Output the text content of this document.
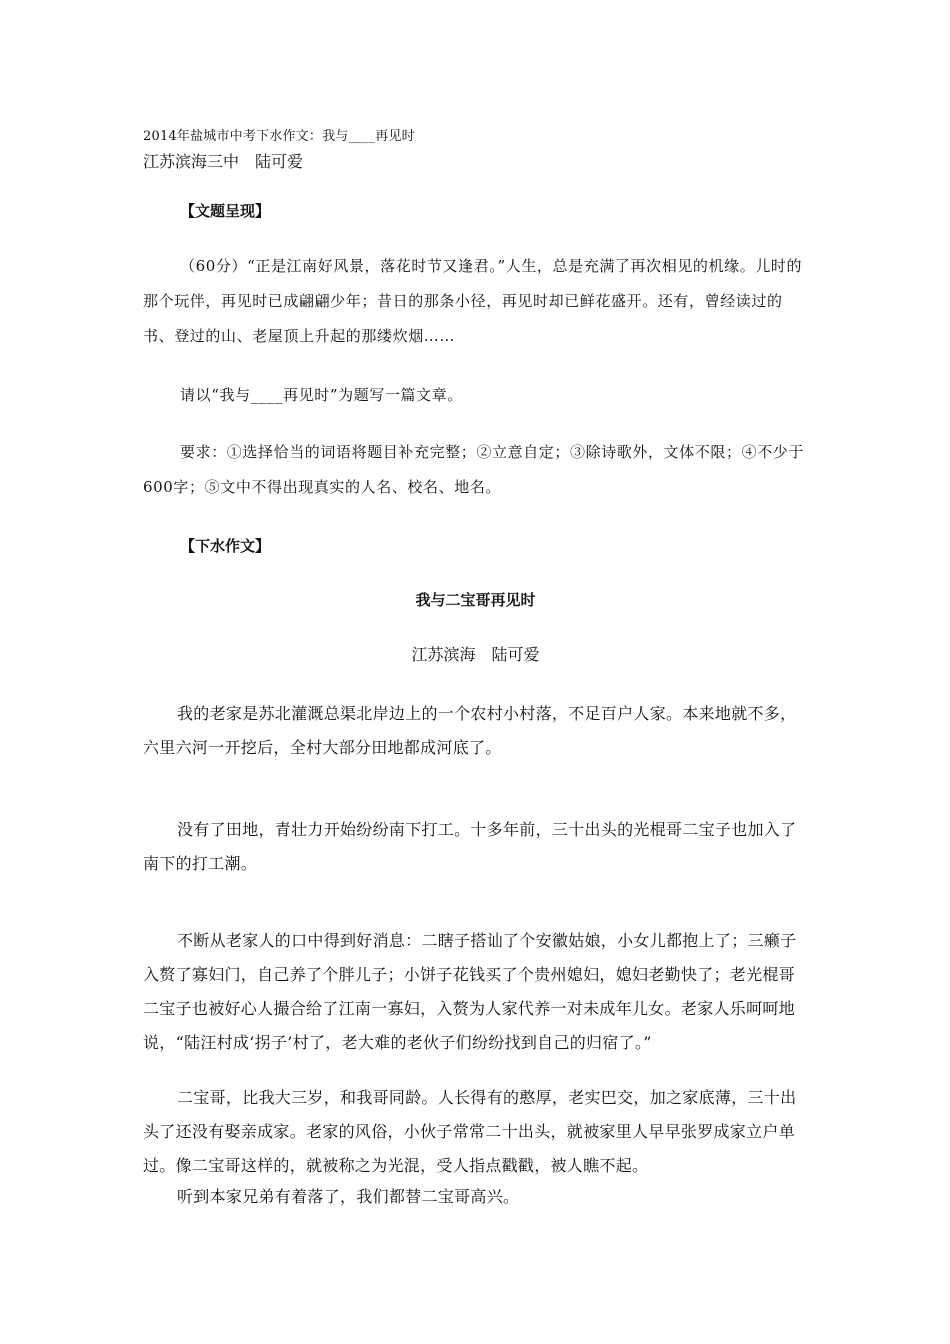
2014年盐城市中考下水作文：我与____再见时
江苏滨海三中　陆可爱
【文题呈现】

（60分）“正是江南好风景，落花时节又逢君。”人生，总是充满了再次相见的机缘。儿时的那个玩伴，再见时已成翩翩少年；昔日的那条小径，再见时却已鲜花盛开。还有，曾经读过的书、登过的山、老屋顶上升起的那缕炊烟……

请以“我与____再见时”为题写一篇文章。

要求：①选择恰当的词语将题目补充完整；②立意自定；③除诗歌外，文体不限；④不少于600字；⑤文中不得出现真实的人名、校名、地名。

【下水作文】
我与二宝哥再见时
江苏滨海　陆可爱

我的老家是苏北灌溉总渠北岸边上的一个农村小村落，不足百户人家。本来地就不多，六里六河一开挖后，全村大部分田地都成河底了。

没有了田地，青壮力开始纷纷南下打工。十多年前，三十出头的光棍哥二宝子也加入了南下的打工潮。

不断从老家人的口中得到好消息：二瞎子搭讪了个安徽姑娘，小女儿都抱上了；三癞子入赘了寡妇门，自己养了个胖儿子；小饼子花钱买了个贵州媳妇，媳妇老勤快了；老光棍哥二宝子也被好心人撮合给了江南一寡妇，入赘为人家代养一对未成年儿女。老家人乐呵呵地说，“陆汪村成‘拐子’村了，老大难的老伙子们纷纷找到自己的归宿了。”

二宝哥，比我大三岁，和我哥同龄。人长得有的憨厚，老实巴交，加之家底薄，三十出头了还没有娶亲成家。老家的风俗，小伙子常常二十出头，就被家里人早早张罗成家立户单过。像二宝哥这样的，就被称之为光混，受人指点戳戳，被人瞧不起。

听到本家兄弟有着落了，我们都替二宝哥高兴。
